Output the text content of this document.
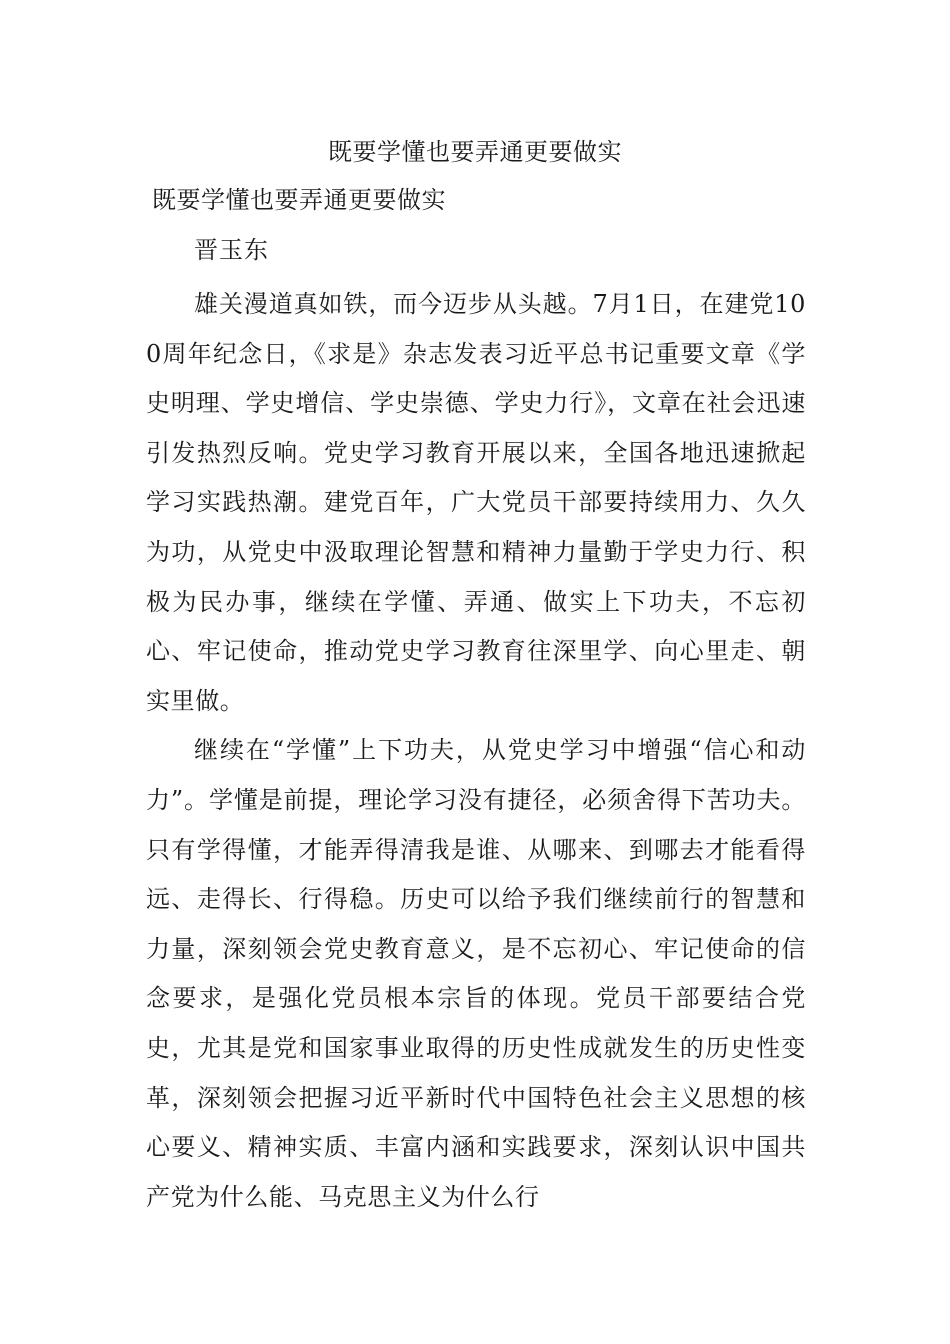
既要学懂也要弄通更要做实
既要学懂也要弄通更要做实
晋玉东

雄关漫道真如铁，而今迈步从头越。7月1日，在建党100周年纪念日，《求是》杂志发表习近平总书记重要文章《学史明理、学史增信、学史崇德、学史力行》，文章在社会迅速引发热烈反响。党史学习教育开展以来，全国各地迅速掀起学习实践热潮。建党百年，广大党员干部要持续用力、久久为功，从党史中汲取理论智慧和精神力量勤于学史力行、积极为民办事，继续在学懂、弄通、做实上下功夫，不忘初心、牢记使命，推动党史学习教育往深里学、向心里走、朝实里做。

继续在“学懂”上下功夫，从党史学习中增强“信心和动力”。学懂是前提，理论学习没有捷径，必须舍得下苦功夫。只有学得懂，才能弄得清我是谁、从哪来、到哪去才能看得远、走得长、行得稳。历史可以给予我们继续前行的智慧和力量，深刻领会党史教育意义，是不忘初心、牢记使命的信念要求，是强化党员根本宗旨的体现。党员干部要结合党史，尤其是党和国家事业取得的历史性成就发生的历史性变革，深刻领会把握习近平新时代中国特色社会主义思想的核心要义、精神实质、丰富内涵和实践要求，深刻认识中国共产党为什么能、马克思主义为什么行
